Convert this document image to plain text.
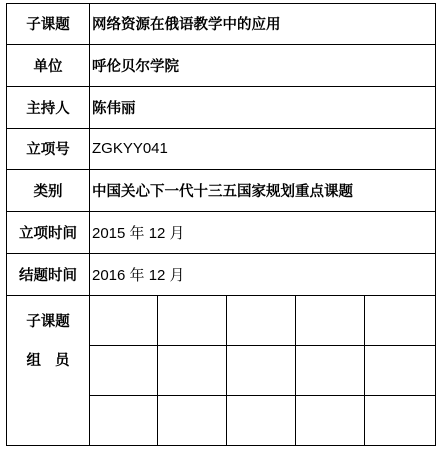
子课题	网络资源在俄语教学中的应用				
单位	呼伦贝尔学院				
主持人	陈伟丽				
立项号	ZGKYY041				
类别	中国关心下一代十三五国家规划重点课题				
立项时间	2015 年 12 月				
结题时间	2016 年 12 月				

子课题
组员					
